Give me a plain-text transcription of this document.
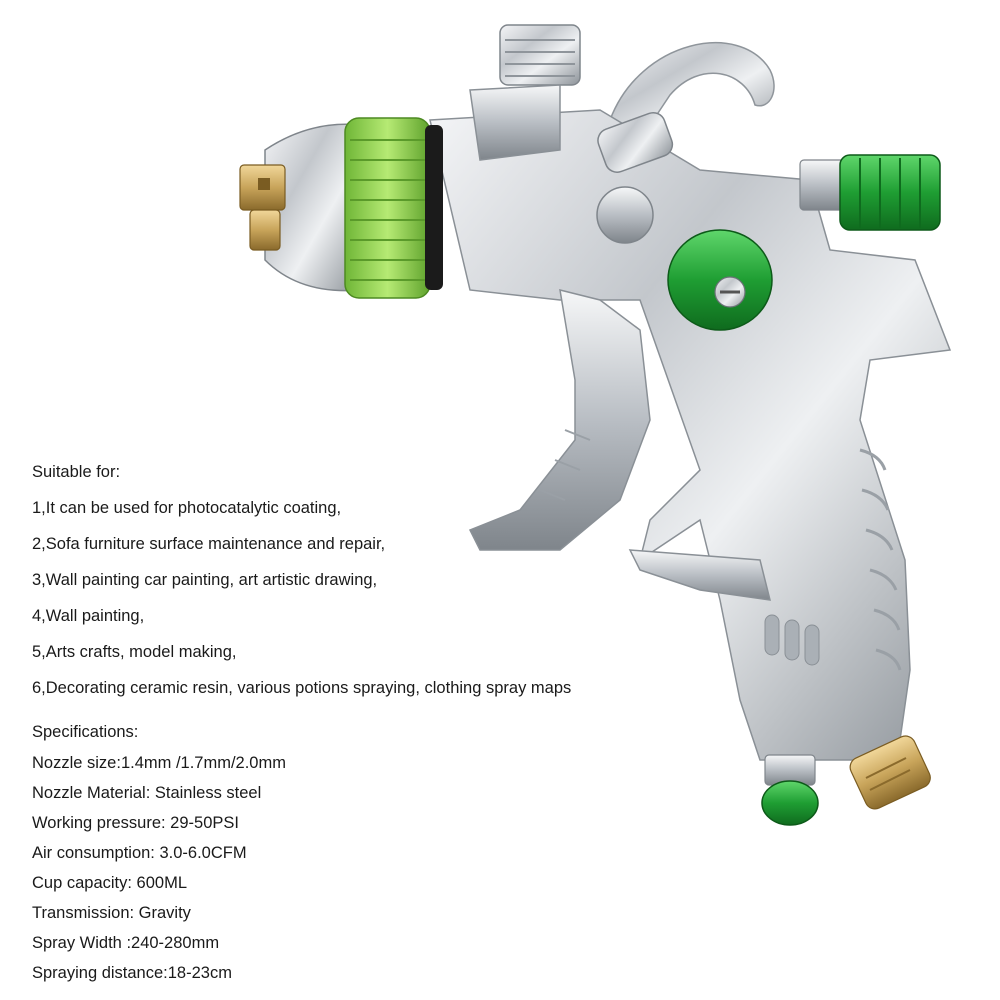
Suitable for:
1,It can be used for photocatalytic coating,
2,Sofa furniture surface maintenance and repair,
3,Wall painting car painting, art artistic drawing,
4,Wall painting,
5,Arts crafts, model making,
6,Decorating ceramic resin, various potions spraying, clothing spray maps
Specifications:
Nozzle size:1.4mm /1.7mm/2.0mm
Nozzle Material: Stainless steel
Working pressure: 29-50PSI
Air consumption: 3.0-6.0CFM
Cup capacity: 600ML
Transmission: Gravity
Spray Width :240-280mm
Spraying distance:18-23cm
